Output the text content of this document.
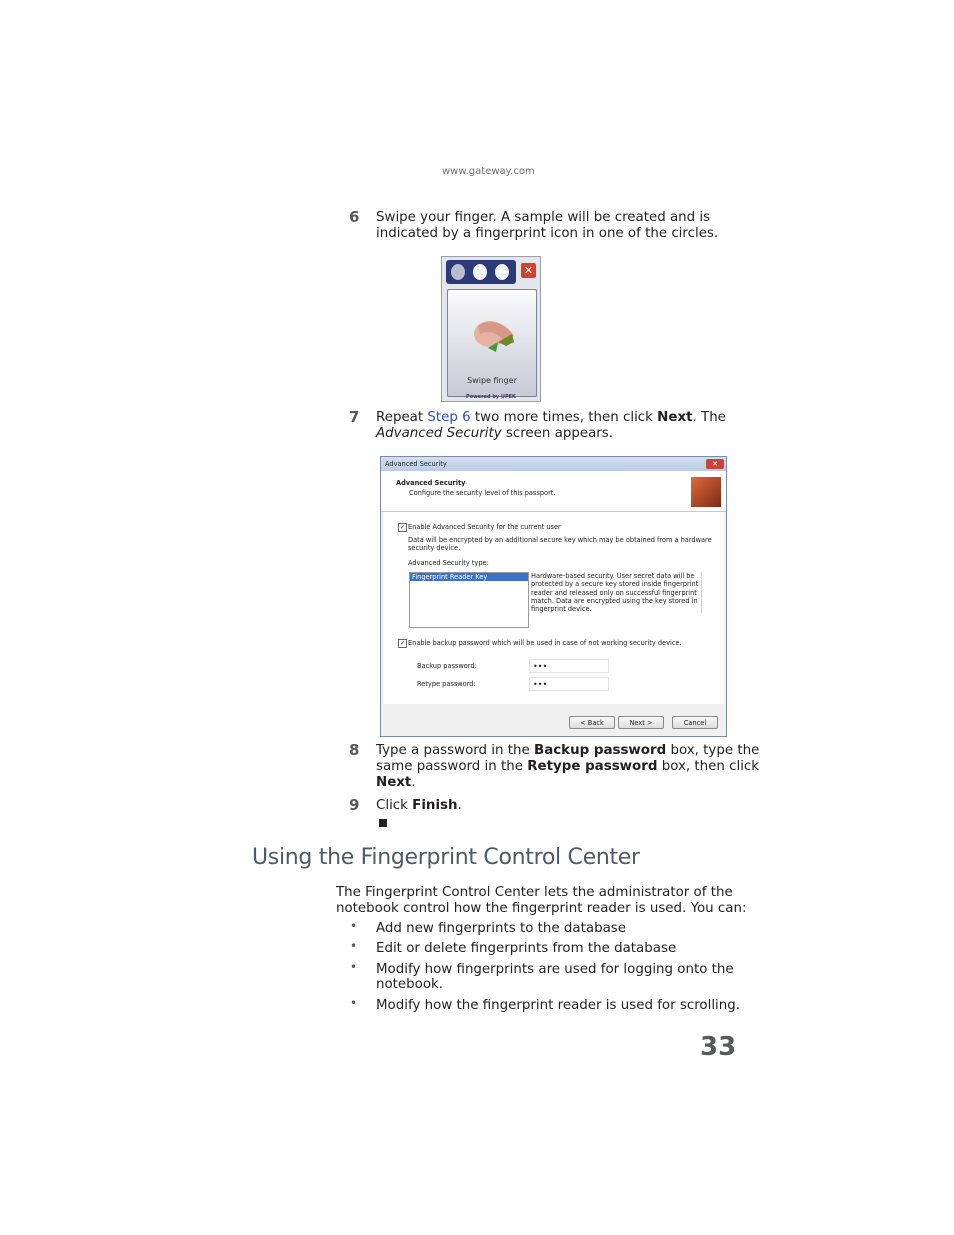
www.gateway.com
6 Swipe your finger. A sample will be created and is
indicated by a fingerprint icon in one of the circles.
✕
Swipe finger
Powered by UPEK
7 Repeat Step 6 two more times, then click Next. The
Advanced Security screen appears.
Advanced Security	✕
Advanced Security
Configure the security level of this passport.
✓ Enable Advanced Security for the current user
Data will be encrypted by an additional secure key which may be obtained from a hardware
security device.
Advanced Security type:
Fingerprint Reader Key	Hardware-based security. User secret data will be
protected by a secure key stored inside fingerprint
reader and released only on successful fingerprint
match. Data are encrypted using the key stored in
fingerprint device.
✓ Enable backup password which will be used in case of not working security device.
Backup password:	•••
Retype password:	•••
< Back	Next >	Cancel
8 Type a password in the Backup password box, type the
same password in the Retype password box, then click
Next.
9 Click Finish.
Using the Fingerprint Control Center
The Fingerprint Control Center lets the administrator of the
notebook control how the fingerprint reader is used. You can:
• Add new fingerprints to the database
• Edit or delete fingerprints from the database
• Modify how fingerprints are used for logging onto the
notebook.
• Modify how the fingerprint reader is used for scrolling.
33
